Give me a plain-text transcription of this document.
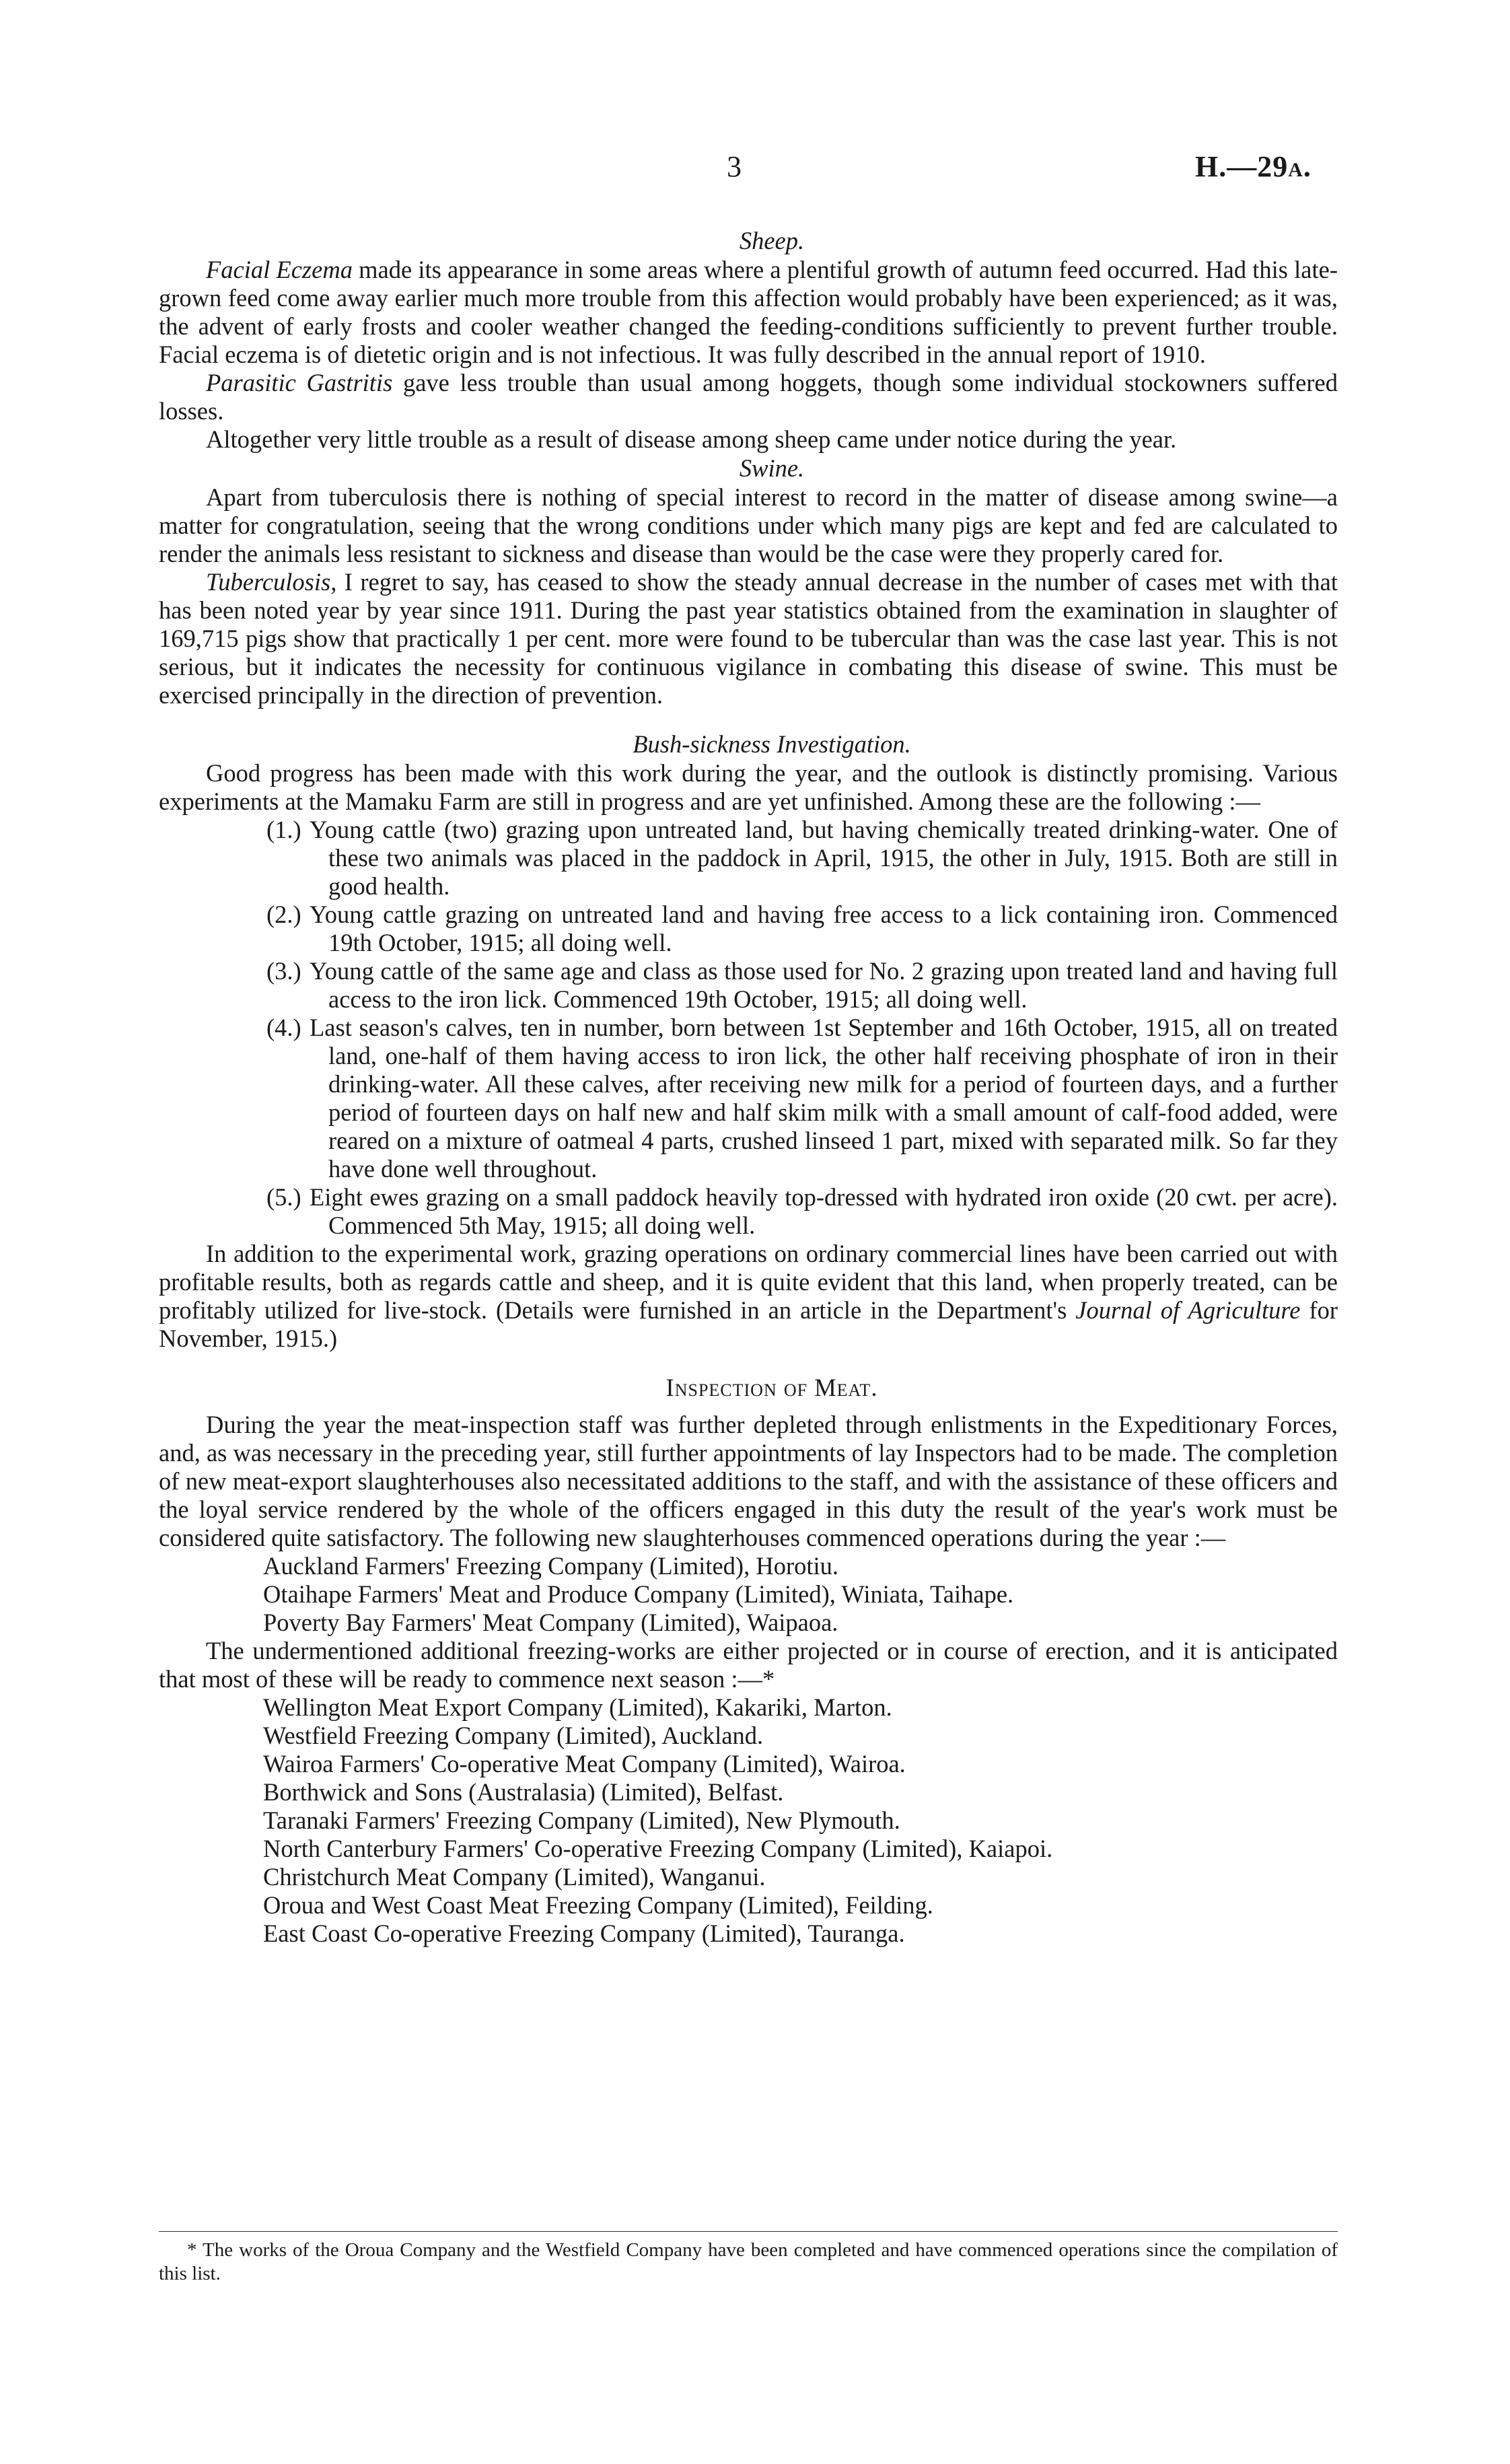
3	H.—29A.

Sheep.

Facial Eczema made its appearance in some areas where a plentiful growth of autumn feed occurred. Had this late-grown feed come away earlier much more trouble from this affection would probably have been experienced; as it was, the advent of early frosts and cooler weather changed the feeding-conditions sufficiently to prevent further trouble. Facial eczema is of dietetic origin and is not infectious. It was fully described in the annual report of 1910.

Parasitic Gastritis gave less trouble than usual among hoggets, though some individual stockowners suffered losses.

Altogether very little trouble as a result of disease among sheep came under notice during the year.

Swine.

Apart from tuberculosis there is nothing of special interest to record in the matter of disease among swine—a matter for congratulation, seeing that the wrong conditions under which many pigs are kept and fed are calculated to render the animals less resistant to sickness and disease than would be the case were they properly cared for.

Tuberculosis, I regret to say, has ceased to show the steady annual decrease in the number of cases met with that has been noted year by year since 1911. During the past year statistics obtained from the examination in slaughter of 169,715 pigs show that practically 1 per cent. more were found to be tubercular than was the case last year. This is not serious, but it indicates the necessity for continuous vigilance in combating this disease of swine. This must be exercised principally in the direction of prevention.

Bush-sickness Investigation.

Good progress has been made with this work during the year, and the outlook is distinctly promising. Various experiments at the Mamaku Farm are still in progress and are yet unfinished. Among these are the following :—

(1.) Young cattle (two) grazing upon untreated land, but having chemically treated drinking-water. One of these two animals was placed in the paddock in April, 1915, the other in July, 1915. Both are still in good health.
(2.) Young cattle grazing on untreated land and having free access to a lick containing iron. Commenced 19th October, 1915; all doing well.
(3.) Young cattle of the same age and class as those used for No. 2 grazing upon treated land and having full access to the iron lick. Commenced 19th October, 1915; all doing well.
(4.) Last season's calves, ten in number, born between 1st September and 16th October, 1915, all on treated land, one-half of them having access to iron lick, the other half receiving phosphate of iron in their drinking-water. All these calves, after receiving new milk for a period of fourteen days, and a further period of fourteen days on half new and half skim milk with a small amount of calf-food added, were reared on a mixture of oatmeal 4 parts, crushed linseed 1 part, mixed with separated milk. So far they have done well throughout.
(5.) Eight ewes grazing on a small paddock heavily top-dressed with hydrated iron oxide (20 cwt. per acre). Commenced 5th May, 1915; all doing well.

In addition to the experimental work, grazing operations on ordinary commercial lines have been carried out with profitable results, both as regards cattle and sheep, and it is quite evident that this land, when properly treated, can be profitably utilized for live-stock. (Details were furnished in an article in the Department's Journal of Agriculture for November, 1915.)

Inspection of Meat.

During the year the meat-inspection staff was further depleted through enlistments in the Expeditionary Forces, and, as was necessary in the preceding year, still further appointments of lay Inspectors had to be made. The completion of new meat-export slaughterhouses also necessitated additions to the staff, and with the assistance of these officers and the loyal service rendered by the whole of the officers engaged in this duty the result of the year's work must be considered quite satisfactory. The following new slaughterhouses commenced operations during the year :—

Auckland Farmers' Freezing Company (Limited), Horotiu.
Otaihape Farmers' Meat and Produce Company (Limited), Winiata, Taihape.
Poverty Bay Farmers' Meat Company (Limited), Waipaoa.

The undermentioned additional freezing-works are either projected or in course of erection, and it is anticipated that most of these will be ready to commence next season :—*

Wellington Meat Export Company (Limited), Kakariki, Marton.
Westfield Freezing Company (Limited), Auckland.
Wairoa Farmers' Co-operative Meat Company (Limited), Wairoa.
Borthwick and Sons (Australasia) (Limited), Belfast.
Taranaki Farmers' Freezing Company (Limited), New Plymouth.
North Canterbury Farmers' Co-operative Freezing Company (Limited), Kaiapoi.
Christchurch Meat Company (Limited), Wanganui.
Oroua and West Coast Meat Freezing Company (Limited), Feilding.
East Coast Co-operative Freezing Company (Limited), Tauranga.

* The works of the Oroua Company and the Westfield Company have been completed and have commenced operations since the compilation of this list.
